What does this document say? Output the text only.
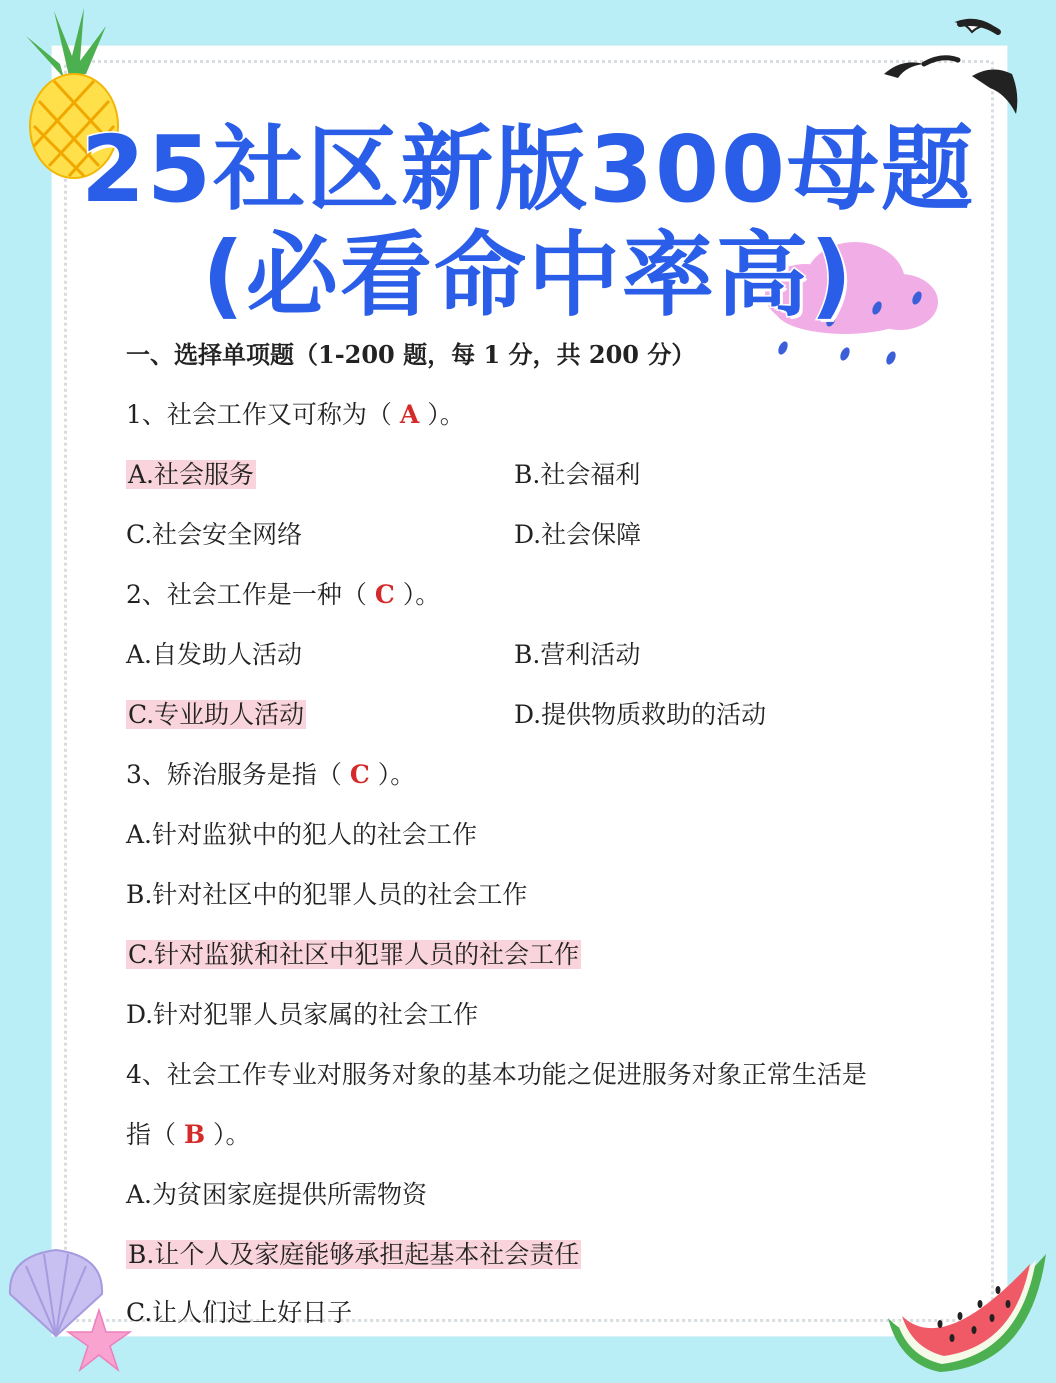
25社区新版300母题
(必看命中率高)
一、选择单项题（1-200 题，每 1 分，共 200 分）
1、社会工作又可称为（ A ）。
A.社会服务	B.社会福利
C.社会安全网络	D.社会保障
2、社会工作是一种（ C ）。
A.自发助人活动	B.营利活动
C.专业助人活动	D.提供物质救助的活动
3、矫治服务是指（ C ）。
A.针对监狱中的犯人的社会工作
B.针对社区中的犯罪人员的社会工作
C.针对监狱和社区中犯罪人员的社会工作
D.针对犯罪人员家属的社会工作
4、社会工作专业对服务对象的基本功能之促进服务对象正常生活是
指（ B ）。
A.为贫困家庭提供所需物资
B.让个人及家庭能够承担起基本社会责任
C.让人们过上好日子
